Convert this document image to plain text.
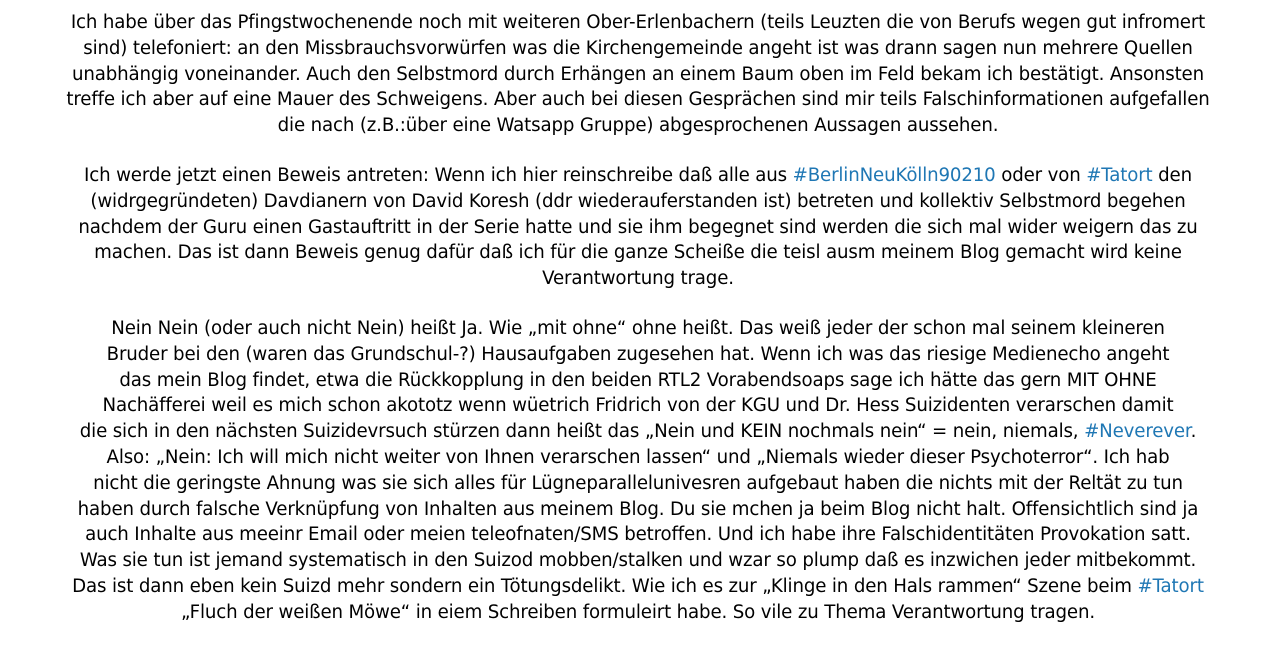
Ich habe über das Pfingstwochenende noch mit weiteren Ober-Erlenbachern (teils Leuzten die von Berufs wegen gut infromert
sind) telefoniert: an den Missbrauchsvorwürfen was die Kirchengemeinde angeht ist was drann sagen nun mehrere Quellen
unabhängig voneinander. Auch den Selbstmord durch Erhängen an einem Baum oben im Feld bekam ich bestätigt. Ansonsten
treffe ich aber auf eine Mauer des Schweigens. Aber auch bei diesen Gesprächen sind mir teils Falschinformationen aufgefallen
die nach (z.B.:über eine Watsapp Gruppe) abgesprochenen Aussagen aussehen.
Ich werde jetzt einen Beweis antreten: Wenn ich hier reinschreibe daß alle aus #BerlinNeuKölln90210 oder von #Tatort den
(widrgegründeten) Davdianern von David Koresh (ddr wiederauferstanden ist) betreten und kollektiv Selbstmord begehen
nachdem der Guru einen Gastauftritt in der Serie hatte und sie ihm begegnet sind werden die sich mal wider weigern das zu
machen. Das ist dann Beweis genug dafür daß ich für die ganze Scheiße die teisl ausm meinem Blog gemacht wird keine
Verantwortung trage.
Nein Nein (oder auch nicht Nein) heißt Ja. Wie „mit ohne“ ohne heißt. Das weiß jeder der schon mal seinem kleineren
Bruder bei den (waren das Grundschul-?) Hausaufgaben zugesehen hat. Wenn ich was das riesige Medienecho angeht
das mein Blog findet, etwa die Rückkopplung in den beiden RTL2 Vorabendsoaps sage ich hätte das gern MIT OHNE
Nachäfferei weil es mich schon akototz wenn wüetrich Fridrich von der KGU und Dr. Hess Suizidenten verarschen damit
die sich in den nächsten Suizidevrsuch stürzen dann heißt das „Nein und KEIN nochmals nein“ = nein, niemals, #Neverever.
Also: „Nein: Ich will mich nicht weiter von Ihnen verarschen lassen“ und „Niemals wieder dieser Psychoterror“. Ich hab
nicht die geringste Ahnung was sie sich alles für Lügneparallelunivesren aufgebaut haben die nichts mit der Reltät zu tun
haben durch falsche Verknüpfung von Inhalten aus meinem Blog. Du sie mchen ja beim Blog nicht halt. Offensichtlich sind ja
auch Inhalte aus meeinr Email oder meien teleofnaten/SMS betroffen. Und ich habe ihre Falschidentitäten Provokation satt.
Was sie tun ist jemand systematisch in den Suizod mobben/stalken und wzar so plump daß es inzwichen jeder mitbekommt.
Das ist dann eben kein Suizd mehr sondern ein Tötungsdelikt. Wie ich es zur „Klinge in den Hals rammen“ Szene beim #Tatort
„Fluch der weißen Möwe“ in eiem Schreiben formuleirt habe. So vile zu Thema Verantwortung tragen.
